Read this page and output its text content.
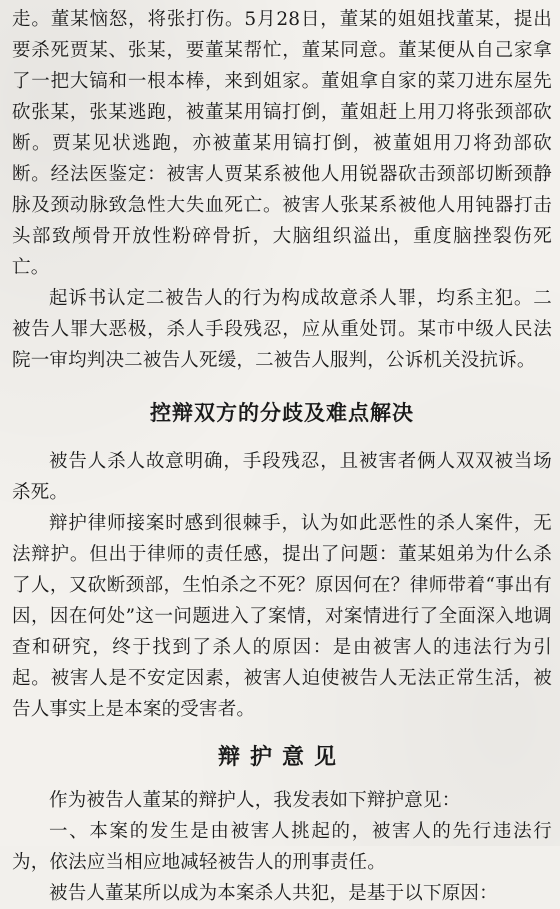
走。董某恼怒，将张打伤。5月28日，董某的姐姐找董某，提出要杀死贾某、张某，要董某帮忙，董某同意。董某便从自己家拿了一把大镐和一根本棒，来到姐家。董姐拿自家的菜刀进东屋先砍张某，张某逃跑，被董某用镐打倒，董姐赶上用刀将张颈部砍断。贾某见状逃跑，亦被董某用镐打倒，被董姐用刀将劲部砍断。经法医鉴定：被害人贾某系被他人用锐器砍击颈部切断颈静脉及颈动脉致急性大失血死亡。被害人张某系被他人用钝器打击头部致颅骨开放性粉碎骨折，大脑组织溢出，重度脑挫裂伤死亡。

起诉书认定二被告人的行为构成故意杀人罪，均系主犯。二被告人罪大恶极，杀人手段残忍，应从重处罚。某市中级人民法院一审均判决二被告人死缓，二被告人服判，公诉机关没抗诉。

控辩双方的分歧及难点解决

被告人杀人故意明确，手段残忍，且被害者俩人双双被当场杀死。

辩护律师接案时感到很棘手，认为如此恶性的杀人案件，无法辩护。但出于律师的责任感，提出了问题：董某姐弟为什么杀了人，又砍断颈部，生怕杀之不死？原因何在？律师带着“事出有因，因在何处”这一问题进入了案情，对案情进行了全面深入地调查和研究，终于找到了杀人的原因：是由被害人的违法行为引起。被害人是不安定因素，被害人迫使被告人无法正常生活，被告人事实上是本案的受害者。

辩护意见

作为被告人董某的辩护人，我发表如下辩护意见：

一、本案的发生是由被害人挑起的，被害人的先行违法行为，依法应当相应地减轻被告人的刑事责任。

被告人董某所以成为本案杀人共犯，是基于以下原因：
